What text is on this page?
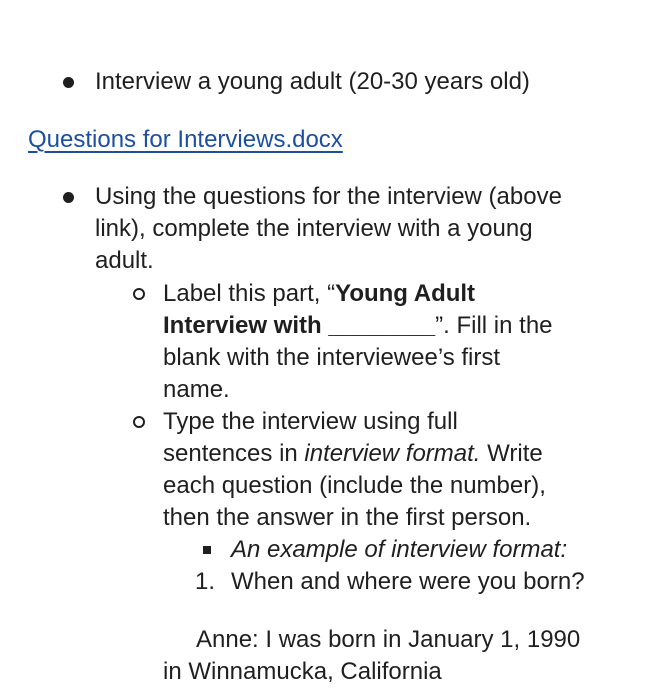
Interview a young adult (20-30 years old)
Questions for Interviews.docx
Using the questions for the interview (above
link), complete the interview with a young
adult.
Label this part, “Young Adult
Interview with ________”. Fill in the
blank with the interviewee’s first
name.
Type the interview using full
sentences in interview format. Write
each question (include the number),
then the answer in the first person.
An example of interview format:
1. When and where were you born?
Anne: I was born in January 1, 1990
in Winnamucka, California
